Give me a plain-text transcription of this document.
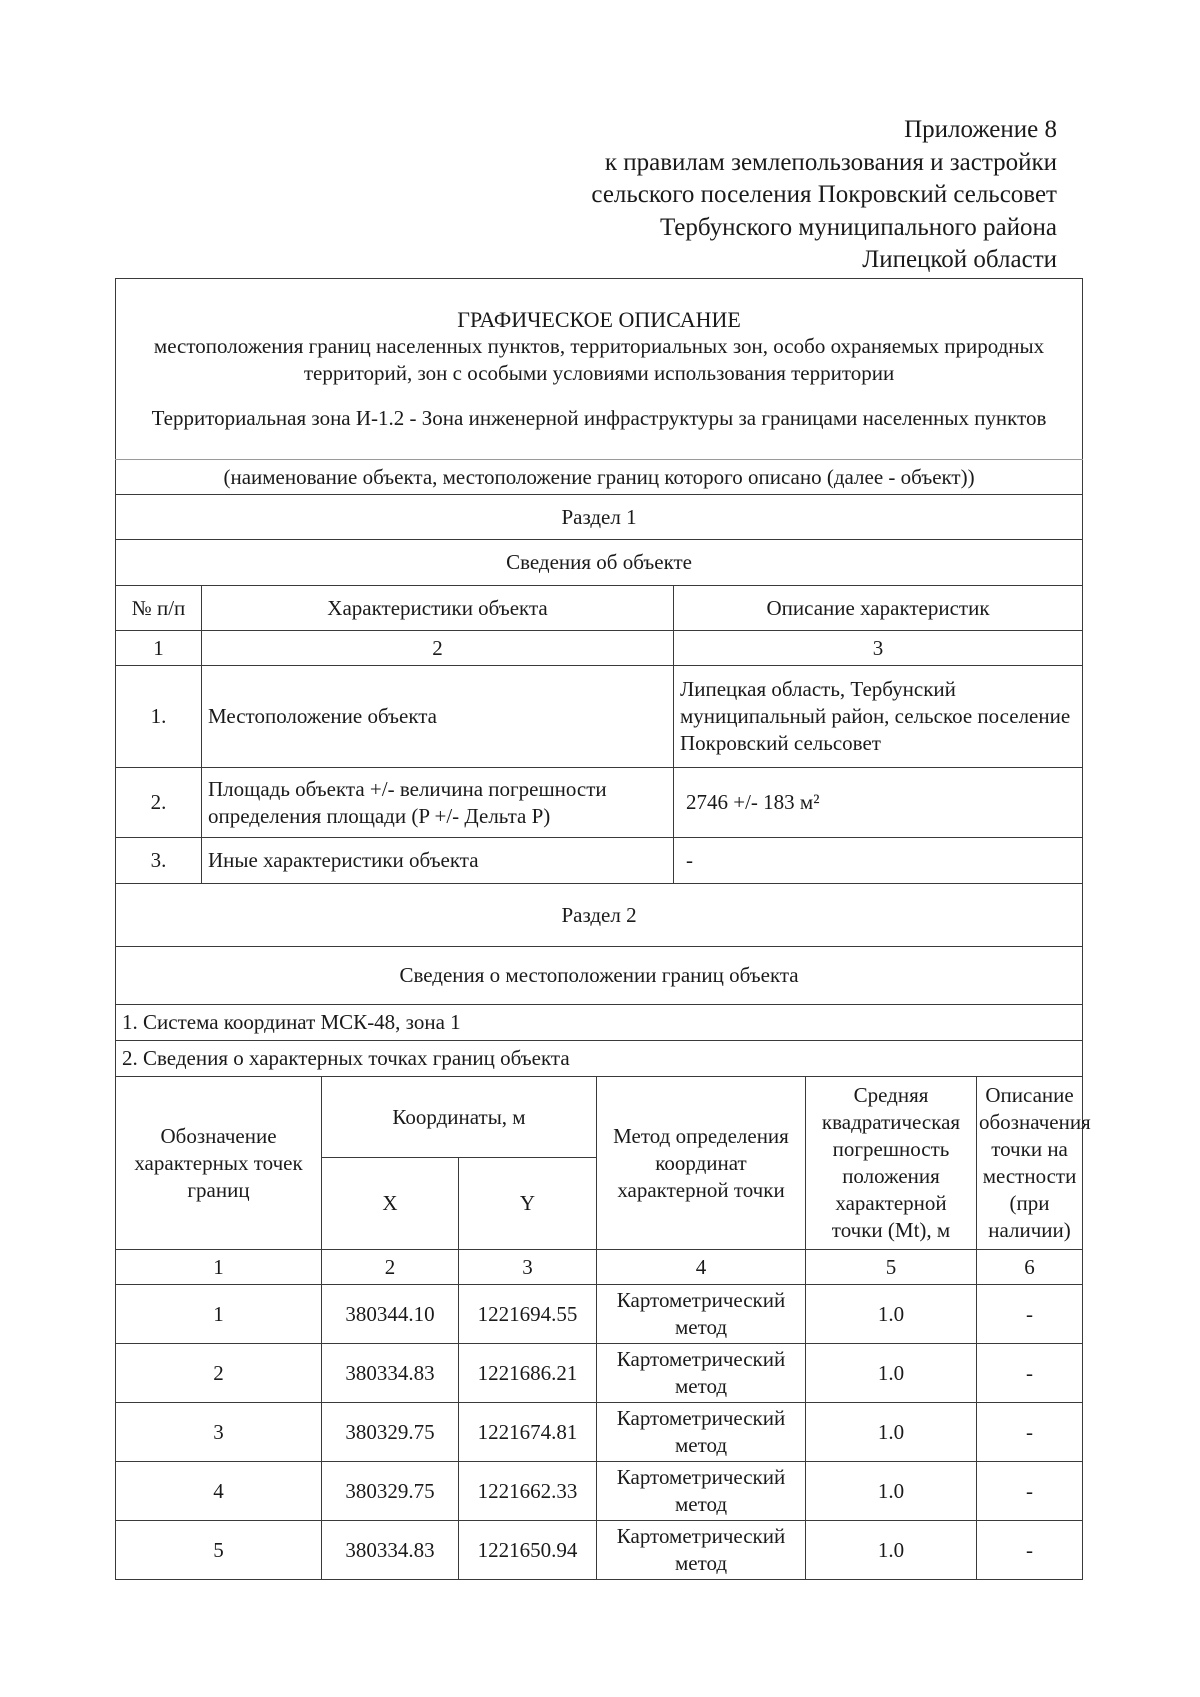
Приложение 8
к правилам землепользования и застройки
сельского поселения Покровский сельсовет
Тербунского муниципального района
Липецкой области
ГРАФИЧЕСКОЕ ОПИСАНИЕ
местоположения границ населенных пунктов, территориальных зон, особо охраняемых природных территорий, зон с особыми условиями использования территории
Территориальная зона И-1.2 - Зона инженерной инфраструктуры за границами населенных пунктов							

(наименование объекта, местоположение границ которого описано (далее - объект))							
Раздел 1							
Сведения об объекте							
№ п/п	Характеристики объекта				Описание характеристик		
1	2				3		
1.	Местоположение объекта				Липецкая область, Тербунский муниципальный район, сельское поселение Покровский сельсовет		
2.	Площадь объекта +/- величина погрешности определения площади (P +/- Дельта P)				2746 +/- 183 м²		
3.	Иные характеристики объекта				-		
Раздел 2							
Сведения о местоположении границ объекта							
1. Система координат МСК-48, зона 1							
2. Сведения о характерных точках границ объекта							
Обозначение характерных точек границ		Координаты, м		Метод определения координат характерной точки		Средняя квадратическая погрешность положения характерной точки (Mt), м	Описание обозначения точки на местности (при наличии)
		X	Y				
1		2	3	4		5	6
1		380344.10	1221694.55	Картометрический метод		1.0	-
2		380334.83	1221686.21	Картометрический метод		1.0	-
3		380329.75	1221674.81	Картометрический метод		1.0	-
4		380329.75	1221662.33	Картометрический метод		1.0	-
5		380334.83	1221650.94	Картометрический метод		1.0	-
